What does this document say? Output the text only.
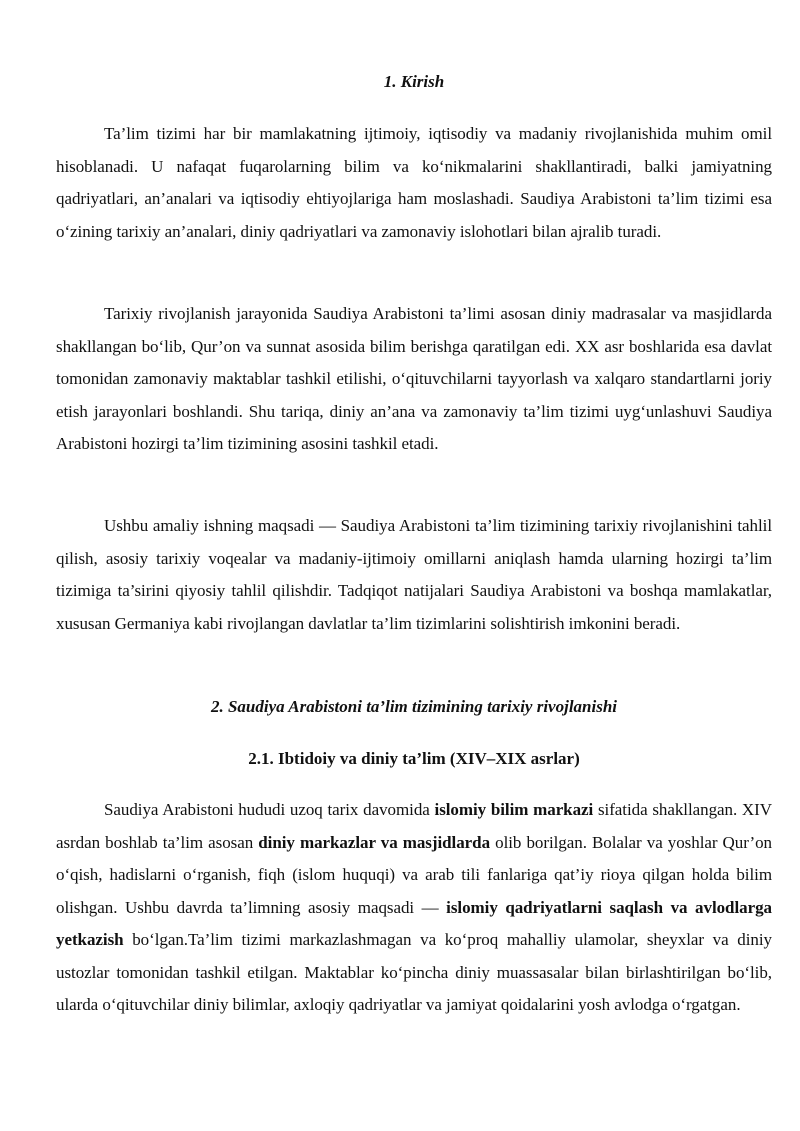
1. Kirish

Ta’lim tizimi har bir mamlakatning ijtimoiy, iqtisodiy va madaniy rivojlanishida muhim omil hisoblanadi. U nafaqat fuqarolarning bilim va ko‘nikmalarini shakllantiradi, balki jamiyatning qadriyatlari, an’analari va iqtisodiy ehtiyojlariga ham moslashadi. Saudiya Arabistoni ta’lim tizimi esa o‘zining tarixiy an’analari, diniy qadriyatlari va zamonaviy islohotlari bilan ajralib turadi.

Tarixiy rivojlanish jarayonida Saudiya Arabistoni ta’limi asosan diniy madrasalar va masjidlarda shakllangan bo‘lib, Qur’on va sunnat asosida bilim berishga qaratilgan edi. XX asr boshlarida esa davlat tomonidan zamonaviy maktablar tashkil etilishi, o‘qituvchilarni tayyorlash va xalqaro standartlarni joriy etish jarayonlari boshlandi. Shu tariqa, diniy an’ana va zamonaviy ta’lim tizimi uyg‘unlashuvi Saudiya Arabistoni hozirgi ta’lim tizimining asosini tashkil etadi.

Ushbu amaliy ishning maqsadi — Saudiya Arabistoni ta’lim tizimining tarixiy rivojlanishini tahlil qilish, asosiy tarixiy voqealar va madaniy-ijtimoiy omillarni aniqlash hamda ularning hozirgi ta’lim tizimiga ta’sirini qiyosiy tahlil qilishdir. Tadqiqot natijalari Saudiya Arabistoni va boshqa mamlakatlar, xususan Germaniya kabi rivojlangan davlatlar ta’lim tizimlarini solishtirish imkonini beradi.

2. Saudiya Arabistoni ta’lim tizimining tarixiy rivojlanishi
2.1. Ibtidoiy va diniy ta’lim (XIV–XIX asrlar)

Saudiya Arabistoni hududi uzoq tarix davomida islomiy bilim markazi sifatida shakllangan. XIV asrdan boshlab ta’lim asosan diniy markazlar va masjidlarda olib borilgan. Bolalar va yoshlar Qur’on o‘qish, hadislarni o‘rganish, fiqh (islom huquqi) va arab tili fanlariga qat’iy rioya qilgan holda bilim olishgan. Ushbu davrda ta’limning asosiy maqsadi — islomiy qadriyatlarni saqlash va avlodlarga yetkazish bo‘lgan.Ta’lim tizimi markazlashmagan va ko‘proq mahalliy ulamolar, sheyxlar va diniy ustozlar tomonidan tashkil etilgan. Maktablar ko‘pincha diniy muassasalar bilan birlashtirilgan bo‘lib, ularda o‘qituvchilar diniy bilimlar, axloqiy qadriyatlar va jamiyat qoidalarini yosh avlodga o‘rgatgan.
